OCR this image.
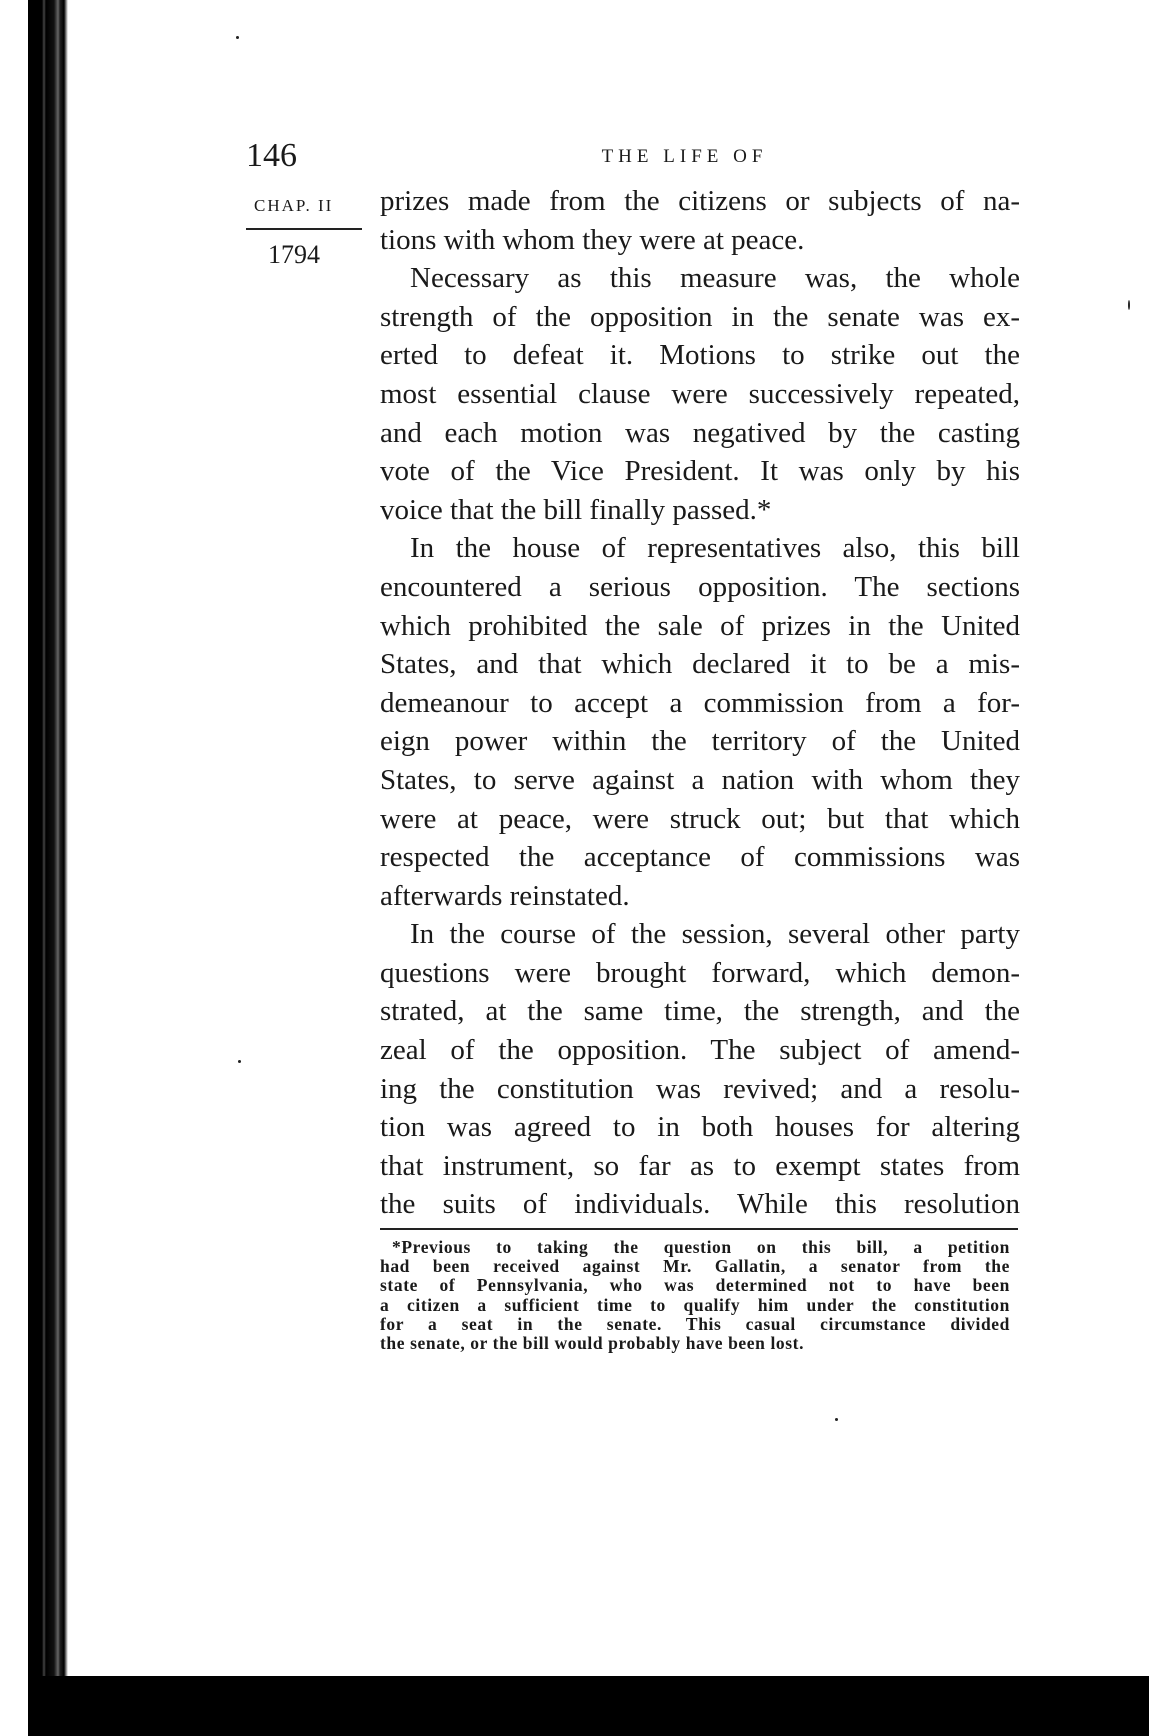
146	THE LIFE OF
CHAP. II
1794
prizes made from the citizens or subjects of na-
tions with whom they were at peace.
Necessary as this measure was, the whole
strength of the opposition in the senate was ex-
erted to defeat it. Motions to strike out the
most essential clause were successively repeated,
and each motion was negatived by the casting
vote of the Vice President. It was only by his
voice that the bill finally passed.*
In the house of representatives also, this bill
encountered a serious opposition. The sections
which prohibited the sale of prizes in the United
States, and that which declared it to be a mis-
demeanour to accept a commission from a for-
eign power within the territory of the United
States, to serve against a nation with whom they
were at peace, were struck out; but that which
respected the acceptance of commissions was
afterwards reinstated.
In the course of the session, several other party
questions were brought forward, which demon-
strated, at the same time, the strength, and the
zeal of the opposition. The subject of amend-
ing the constitution was revived; and a resolu-
tion was agreed to in both houses for altering
that instrument, so far as to exempt states from
the suits of individuals. While this resolution
*Previous to taking the question on this bill, a petition
had been received against Mr. Gallatin, a senator from the
state of Pennsylvania, who was determined not to have been
a citizen a sufficient time to qualify him under the constitution
for a seat in the senate. This casual circumstance divided
the senate, or the bill would probably have been lost.
